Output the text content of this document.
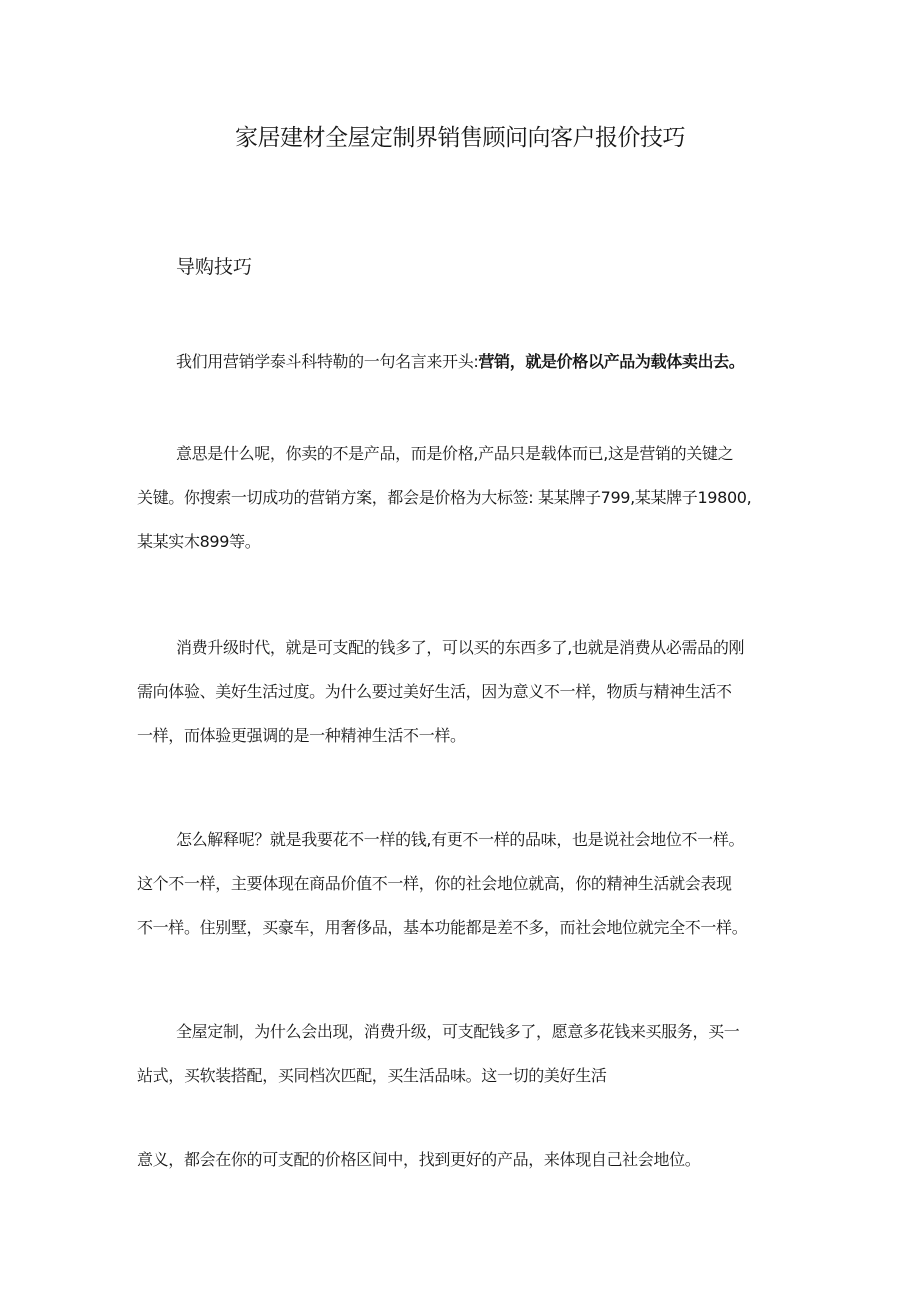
家居建材全屋定制界销售顾问向客户报价技巧
导购技巧
我们用营销学泰斗科特勒的一句名言来开头:营销，就是价格以产品为载体卖出去。
意思是什么呢，你卖的不是产品，而是价格,产品只是载体而已,这是营销的关键之
关键。你搜索一切成功的营销方案，都会是价格为大标签: 某某牌子799,某某牌子19800,
某某实木899等。
消费升级时代，就是可支配的钱多了，可以买的东西多了,也就是消费从必需品的刚
需向体验、美好生活过度。为什么要过美好生活，因为意义不一样，物质与精神生活不
一样，而体验更强调的是一种精神生活不一样。
怎么解释呢？就是我要花不一样的钱,有更不一样的品味，也是说社会地位不一样。
这个不一样，主要体现在商品价值不一样，你的社会地位就高，你的精神生活就会表现
不一样。住别墅，买豪车，用奢侈品，基本功能都是差不多，而社会地位就完全不一样。
全屋定制，为什么会出现，消费升级，可支配钱多了，愿意多花钱来买服务，买一
站式，买软装搭配，买同档次匹配，买生活品味。这一切的美好生活
意义，都会在你的可支配的价格区间中，找到更好的产品，来体现自己社会地位。
